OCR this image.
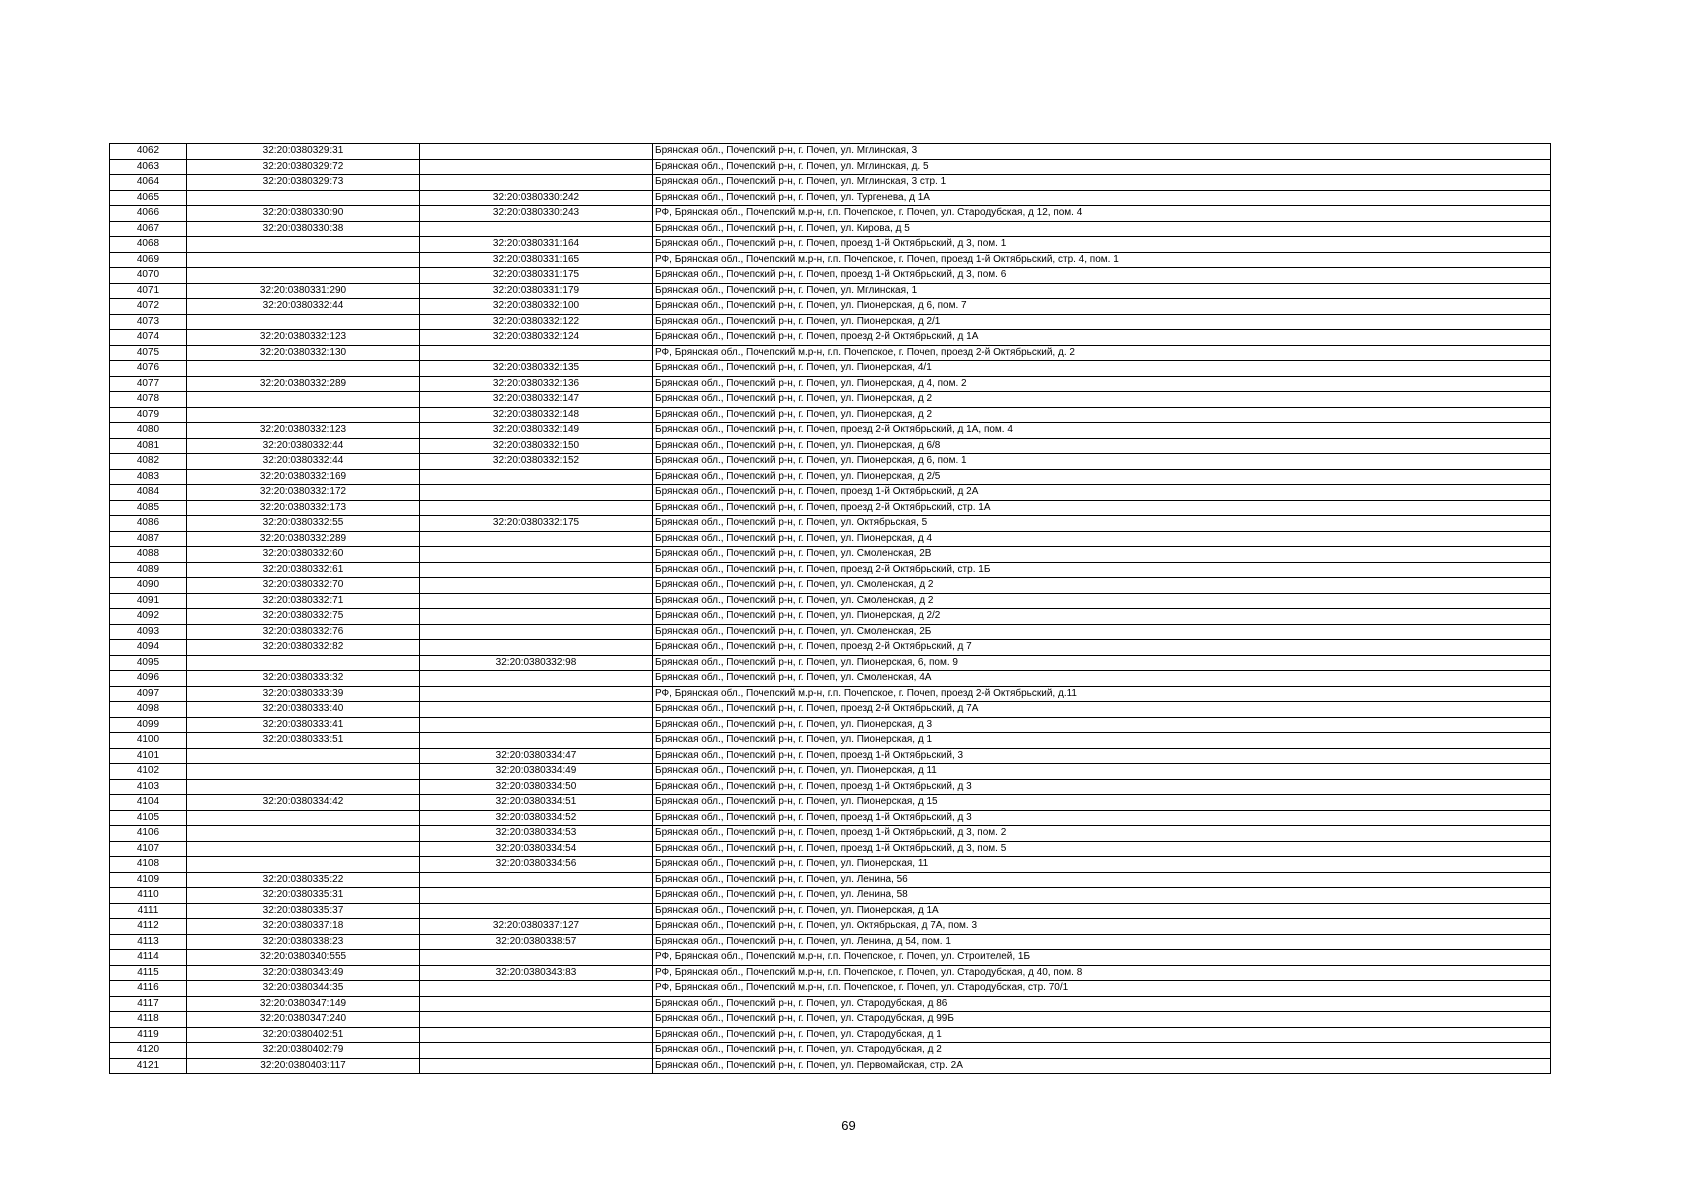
4062	32:20:0380329:31		Брянская обл., Почепский р-н, г. Почеп, ул. Мглинская, 3
4063	32:20:0380329:72		Брянская обл., Почепский р-н, г. Почеп, ул. Мглинская, д. 5
4064	32:20:0380329:73		Брянская обл., Почепский р-н, г. Почеп, ул. Мглинская, 3 стр. 1
4065		32:20:0380330:242	Брянская обл., Почепский р-н, г. Почеп, ул. Тургенева, д 1А
4066	32:20:0380330:90	32:20:0380330:243	РФ, Брянская обл., Почепский м.р-н, г.п. Почепское, г. Почеп, ул. Стародубская, д 12, пом. 4
4067	32:20:0380330:38		Брянская обл., Почепский р-н, г. Почеп, ул. Кирова, д 5
4068		32:20:0380331:164	Брянская обл., Почепский р-н, г. Почеп, проезд 1-й Октябрьский, д 3, пом. 1
4069		32:20:0380331:165	РФ, Брянская обл., Почепский м.р-н, г.п. Почепское, г. Почеп, проезд 1-й Октябрьский, стр. 4, пом. 1
4070		32:20:0380331:175	Брянская обл., Почепский р-н, г. Почеп, проезд 1-й Октябрьский, д 3, пом. 6
4071	32:20:0380331:290	32:20:0380331:179	Брянская обл., Почепский р-н, г. Почеп, ул. Мглинская, 1
4072	32:20:0380332:44	32:20:0380332:100	Брянская обл., Почепский р-н, г. Почеп, ул. Пионерская, д 6, пом. 7
4073		32:20:0380332:122	Брянская обл., Почепский р-н, г. Почеп, ул. Пионерская, д 2/1
4074	32:20:0380332:123	32:20:0380332:124	Брянская обл., Почепский р-н, г. Почеп, проезд 2-й Октябрьский, д 1А
4075	32:20:0380332:130		РФ, Брянская обл., Почепский м.р-н, г.п. Почепское, г. Почеп, проезд 2-й Октябрьский, д. 2
4076		32:20:0380332:135	Брянская обл., Почепский р-н, г. Почеп, ул. Пионерская, 4/1
4077	32:20:0380332:289	32:20:0380332:136	Брянская обл., Почепский р-н, г. Почеп, ул. Пионерская, д 4, пом. 2
4078		32:20:0380332:147	Брянская обл., Почепский р-н, г. Почеп, ул. Пионерская, д 2
4079		32:20:0380332:148	Брянская обл., Почепский р-н, г. Почеп, ул. Пионерская, д 2
4080	32:20:0380332:123	32:20:0380332:149	Брянская обл., Почепский р-н, г. Почеп, проезд 2-й Октябрьский, д 1А, пом. 4
4081	32:20:0380332:44	32:20:0380332:150	Брянская обл., Почепский р-н, г. Почеп, ул. Пионерская, д 6/8
4082	32:20:0380332:44	32:20:0380332:152	Брянская обл., Почепский р-н, г. Почеп, ул. Пионерская, д 6, пом. 1
4083	32:20:0380332:169		Брянская обл., Почепский р-н, г. Почеп, ул. Пионерская, д 2/5
4084	32:20:0380332:172		Брянская обл., Почепский р-н, г. Почеп, проезд 1-й Октябрьский, д 2А
4085	32:20:0380332:173		Брянская обл., Почепский р-н, г. Почеп, проезд 2-й Октябрьский, стр. 1А
4086	32:20:0380332:55	32:20:0380332:175	Брянская обл., Почепский р-н, г. Почеп, ул. Октябрьская, 5
4087	32:20:0380332:289		Брянская обл., Почепский р-н, г. Почеп, ул. Пионерская, д 4
4088	32:20:0380332:60		Брянская обл., Почепский р-н, г. Почеп, ул. Смоленская, 2В
4089	32:20:0380332:61		Брянская обл., Почепский р-н, г. Почеп, проезд 2-й Октябрьский, стр. 1Б
4090	32:20:0380332:70		Брянская обл., Почепский р-н, г. Почеп, ул. Смоленская, д 2
4091	32:20:0380332:71		Брянская обл., Почепский р-н, г. Почеп, ул. Смоленская, д 2
4092	32:20:0380332:75		Брянская обл., Почепский р-н, г. Почеп, ул. Пионерская, д 2/2
4093	32:20:0380332:76		Брянская обл., Почепский р-н, г. Почеп, ул. Смоленская, 2Б
4094	32:20:0380332:82		Брянская обл., Почепский р-н, г. Почеп, проезд 2-й Октябрьский, д 7
4095		32:20:0380332:98	Брянская обл., Почепский р-н, г. Почеп, ул. Пионерская, 6, пом. 9
4096	32:20:0380333:32		Брянская обл., Почепский р-н, г. Почеп, ул. Смоленская, 4А
4097	32:20:0380333:39		РФ, Брянская обл., Почепский м.р-н, г.п. Почепское, г. Почеп, проезд 2-й Октябрьский, д.11
4098	32:20:0380333:40		Брянская обл., Почепский р-н, г. Почеп, проезд 2-й Октябрьский, д 7А
4099	32:20:0380333:41		Брянская обл., Почепский р-н, г. Почеп, ул. Пионерская, д 3
4100	32:20:0380333:51		Брянская обл., Почепский р-н, г. Почеп, ул. Пионерская, д 1
4101		32:20:0380334:47	Брянская обл., Почепский р-н, г. Почеп, проезд 1-й Октябрьский, 3
4102		32:20:0380334:49	Брянская обл., Почепский р-н, г. Почеп, ул. Пионерская, д 11
4103		32:20:0380334:50	Брянская обл., Почепский р-н, г. Почеп, проезд 1-й Октябрьский, д 3
4104	32:20:0380334:42	32:20:0380334:51	Брянская обл., Почепский р-н, г. Почеп, ул. Пионерская, д 15
4105		32:20:0380334:52	Брянская обл., Почепский р-н, г. Почеп, проезд 1-й Октябрьский, д 3
4106		32:20:0380334:53	Брянская обл., Почепский р-н, г. Почеп, проезд 1-й Октябрьский, д 3, пом. 2
4107		32:20:0380334:54	Брянская обл., Почепский р-н, г. Почеп, проезд 1-й Октябрьский, д 3, пом. 5
4108		32:20:0380334:56	Брянская обл., Почепский р-н, г. Почеп, ул. Пионерская, 11
4109	32:20:0380335:22		Брянская обл., Почепский р-н, г. Почеп, ул. Ленина, 56
4110	32:20:0380335:31		Брянская обл., Почепский р-н, г. Почеп, ул. Ленина, 58
4111	32:20:0380335:37		Брянская обл., Почепский р-н, г. Почеп, ул. Пионерская, д 1А
4112	32:20:0380337:18	32:20:0380337:127	Брянская обл., Почепский р-н, г. Почеп, ул. Октябрьская, д 7А, пом. 3
4113	32:20:0380338:23	32:20:0380338:57	Брянская обл., Почепский р-н, г. Почеп, ул. Ленина, д 54, пом. 1
4114	32:20:0380340:555		РФ, Брянская обл., Почепский м.р-н, г.п. Почепское, г. Почеп, ул. Строителей, 1Б
4115	32:20:0380343:49	32:20:0380343:83	РФ, Брянская обл., Почепский м.р-н, г.п. Почепское, г. Почеп, ул. Стародубская, д 40, пом. 8
4116	32:20:0380344:35		РФ, Брянская обл., Почепский м.р-н, г.п. Почепское, г. Почеп, ул. Стародубская, стр. 70/1
4117	32:20:0380347:149		Брянская обл., Почепский р-н, г. Почеп, ул. Стародубская, д 86
4118	32:20:0380347:240		Брянская обл., Почепский р-н, г. Почеп, ул. Стародубская, д 99Б
4119	32:20:0380402:51		Брянская обл., Почепский р-н, г. Почеп, ул. Стародубская, д 1
4120	32:20:0380402:79		Брянская обл., Почепский р-н, г. Почеп, ул. Стародубская, д 2
4121	32:20:0380403:117		Брянская обл., Почепский р-н, г. Почеп, ул. Первомайская, стр. 2А
69
